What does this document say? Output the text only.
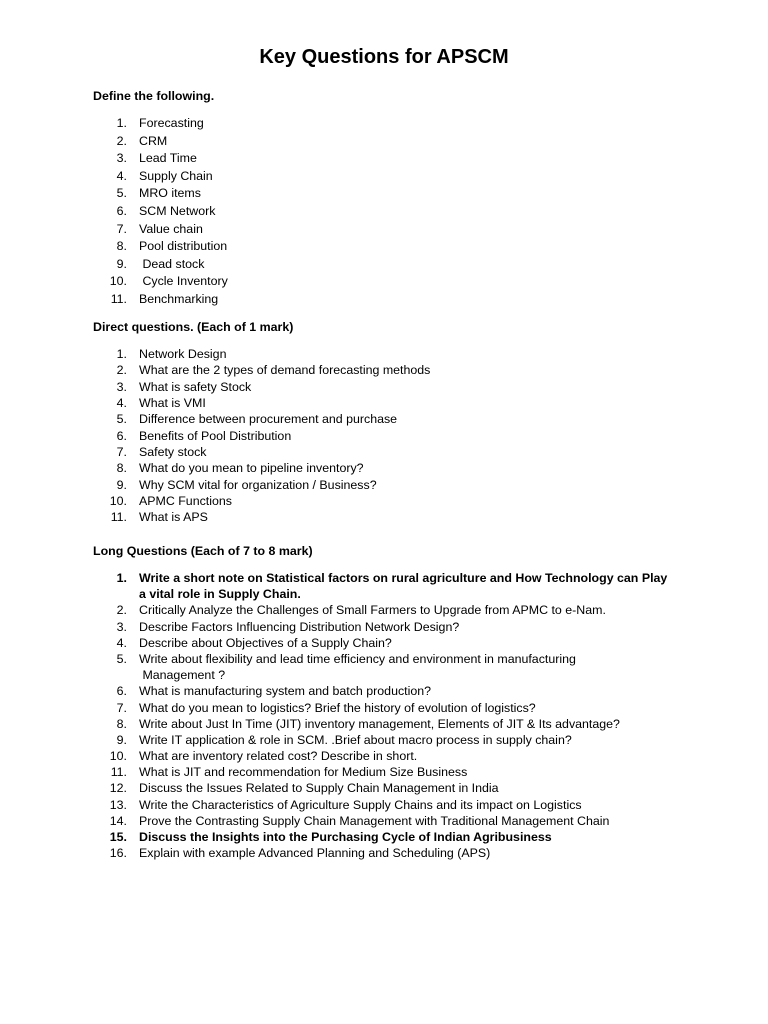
Key Questions for APSCM
Define the following.
1. Forecasting
2. CRM
3. Lead Time
4. Supply Chain
5. MRO items
6. SCM Network
7. Value chain
8. Pool distribution
9. Dead stock
10. Cycle Inventory
11. Benchmarking
Direct questions. (Each of 1 mark)
1. Network Design
2. What are the 2 types of demand forecasting methods
3. What is safety Stock
4. What is VMI
5. Difference between procurement and purchase
6. Benefits of Pool Distribution
7. Safety stock
8. What do you mean to pipeline inventory?
9. Why SCM vital for organization / Business?
10. APMC Functions
11. What is APS
Long Questions (Each of 7 to 8 mark)
1. Write a short note on Statistical factors on rural agriculture and How Technology can Play
a vital role in Supply Chain.
2. Critically Analyze the Challenges of Small Farmers to Upgrade from APMC to e-Nam.
3. Describe Factors Influencing Distribution Network Design?
4. Describe about Objectives of a Supply Chain?
5. Write about flexibility and lead time efficiency and environment in manufacturing
Management ?
6. What is manufacturing system and batch production?
7. What do you mean to logistics? Brief the history of evolution of logistics?
8. Write about Just In Time (JIT) inventory management, Elements of JIT & Its advantage?
9. Write IT application & role in SCM. .Brief about macro process in supply chain?
10. What are inventory related cost? Describe in short.
11. What is JIT and recommendation for Medium Size Business
12. Discuss the Issues Related to Supply Chain Management in India
13. Write the Characteristics of Agriculture Supply Chains and its impact on Logistics
14. Prove the Contrasting Supply Chain Management with Traditional Management Chain
15. Discuss the Insights into the Purchasing Cycle of Indian Agribusiness
16. Explain with example Advanced Planning and Scheduling (APS)
